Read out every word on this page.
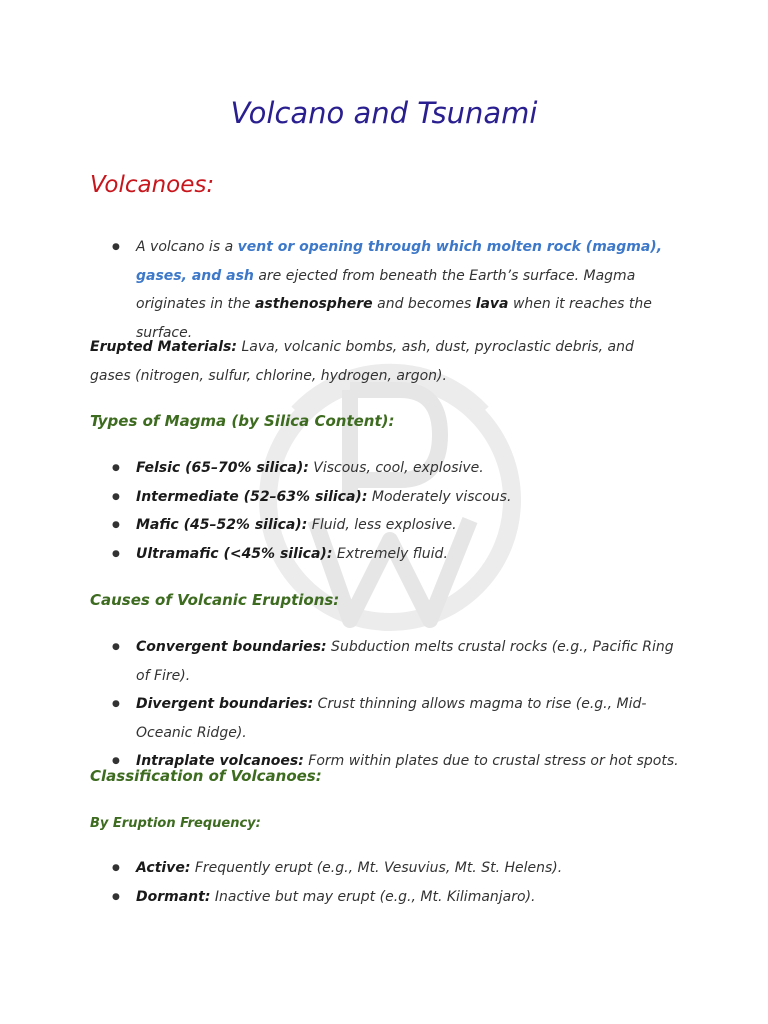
Volcano and Tsunami
Volcanoes:
● A volcano is a vent or opening through which molten rock (magma), gases, and ash are ejected from beneath the Earth’s surface. Magma originates in the asthenosphere and becomes lava when it reaches the surface.

Erupted Materials: Lava, volcanic bombs, ash, dust, pyroclastic debris, and gases (nitrogen, sulfur, chlorine, hydrogen, argon).

Types of Magma (by Silica Content):
● Felsic (65–70% silica): Viscous, cool, explosive.
● Intermediate (52–63% silica): Moderately viscous.
● Mafic (45–52% silica): Fluid, less explosive.
● Ultramafic (<45% silica): Extremely fluid.
Causes of Volcanic Eruptions:
● Convergent boundaries: Subduction melts crustal rocks (e.g., Pacific Ring of Fire).
● Divergent boundaries: Crust thinning allows magma to rise (e.g., Mid-Oceanic Ridge).
● Intraplate volcanoes: Form within plates due to crustal stress or hot spots.
Classification of Volcanoes:
By Eruption Frequency:
● Active: Frequently erupt (e.g., Mt. Vesuvius, Mt. St. Helens).
● Dormant: Inactive but may erupt (e.g., Mt. Kilimanjaro).
